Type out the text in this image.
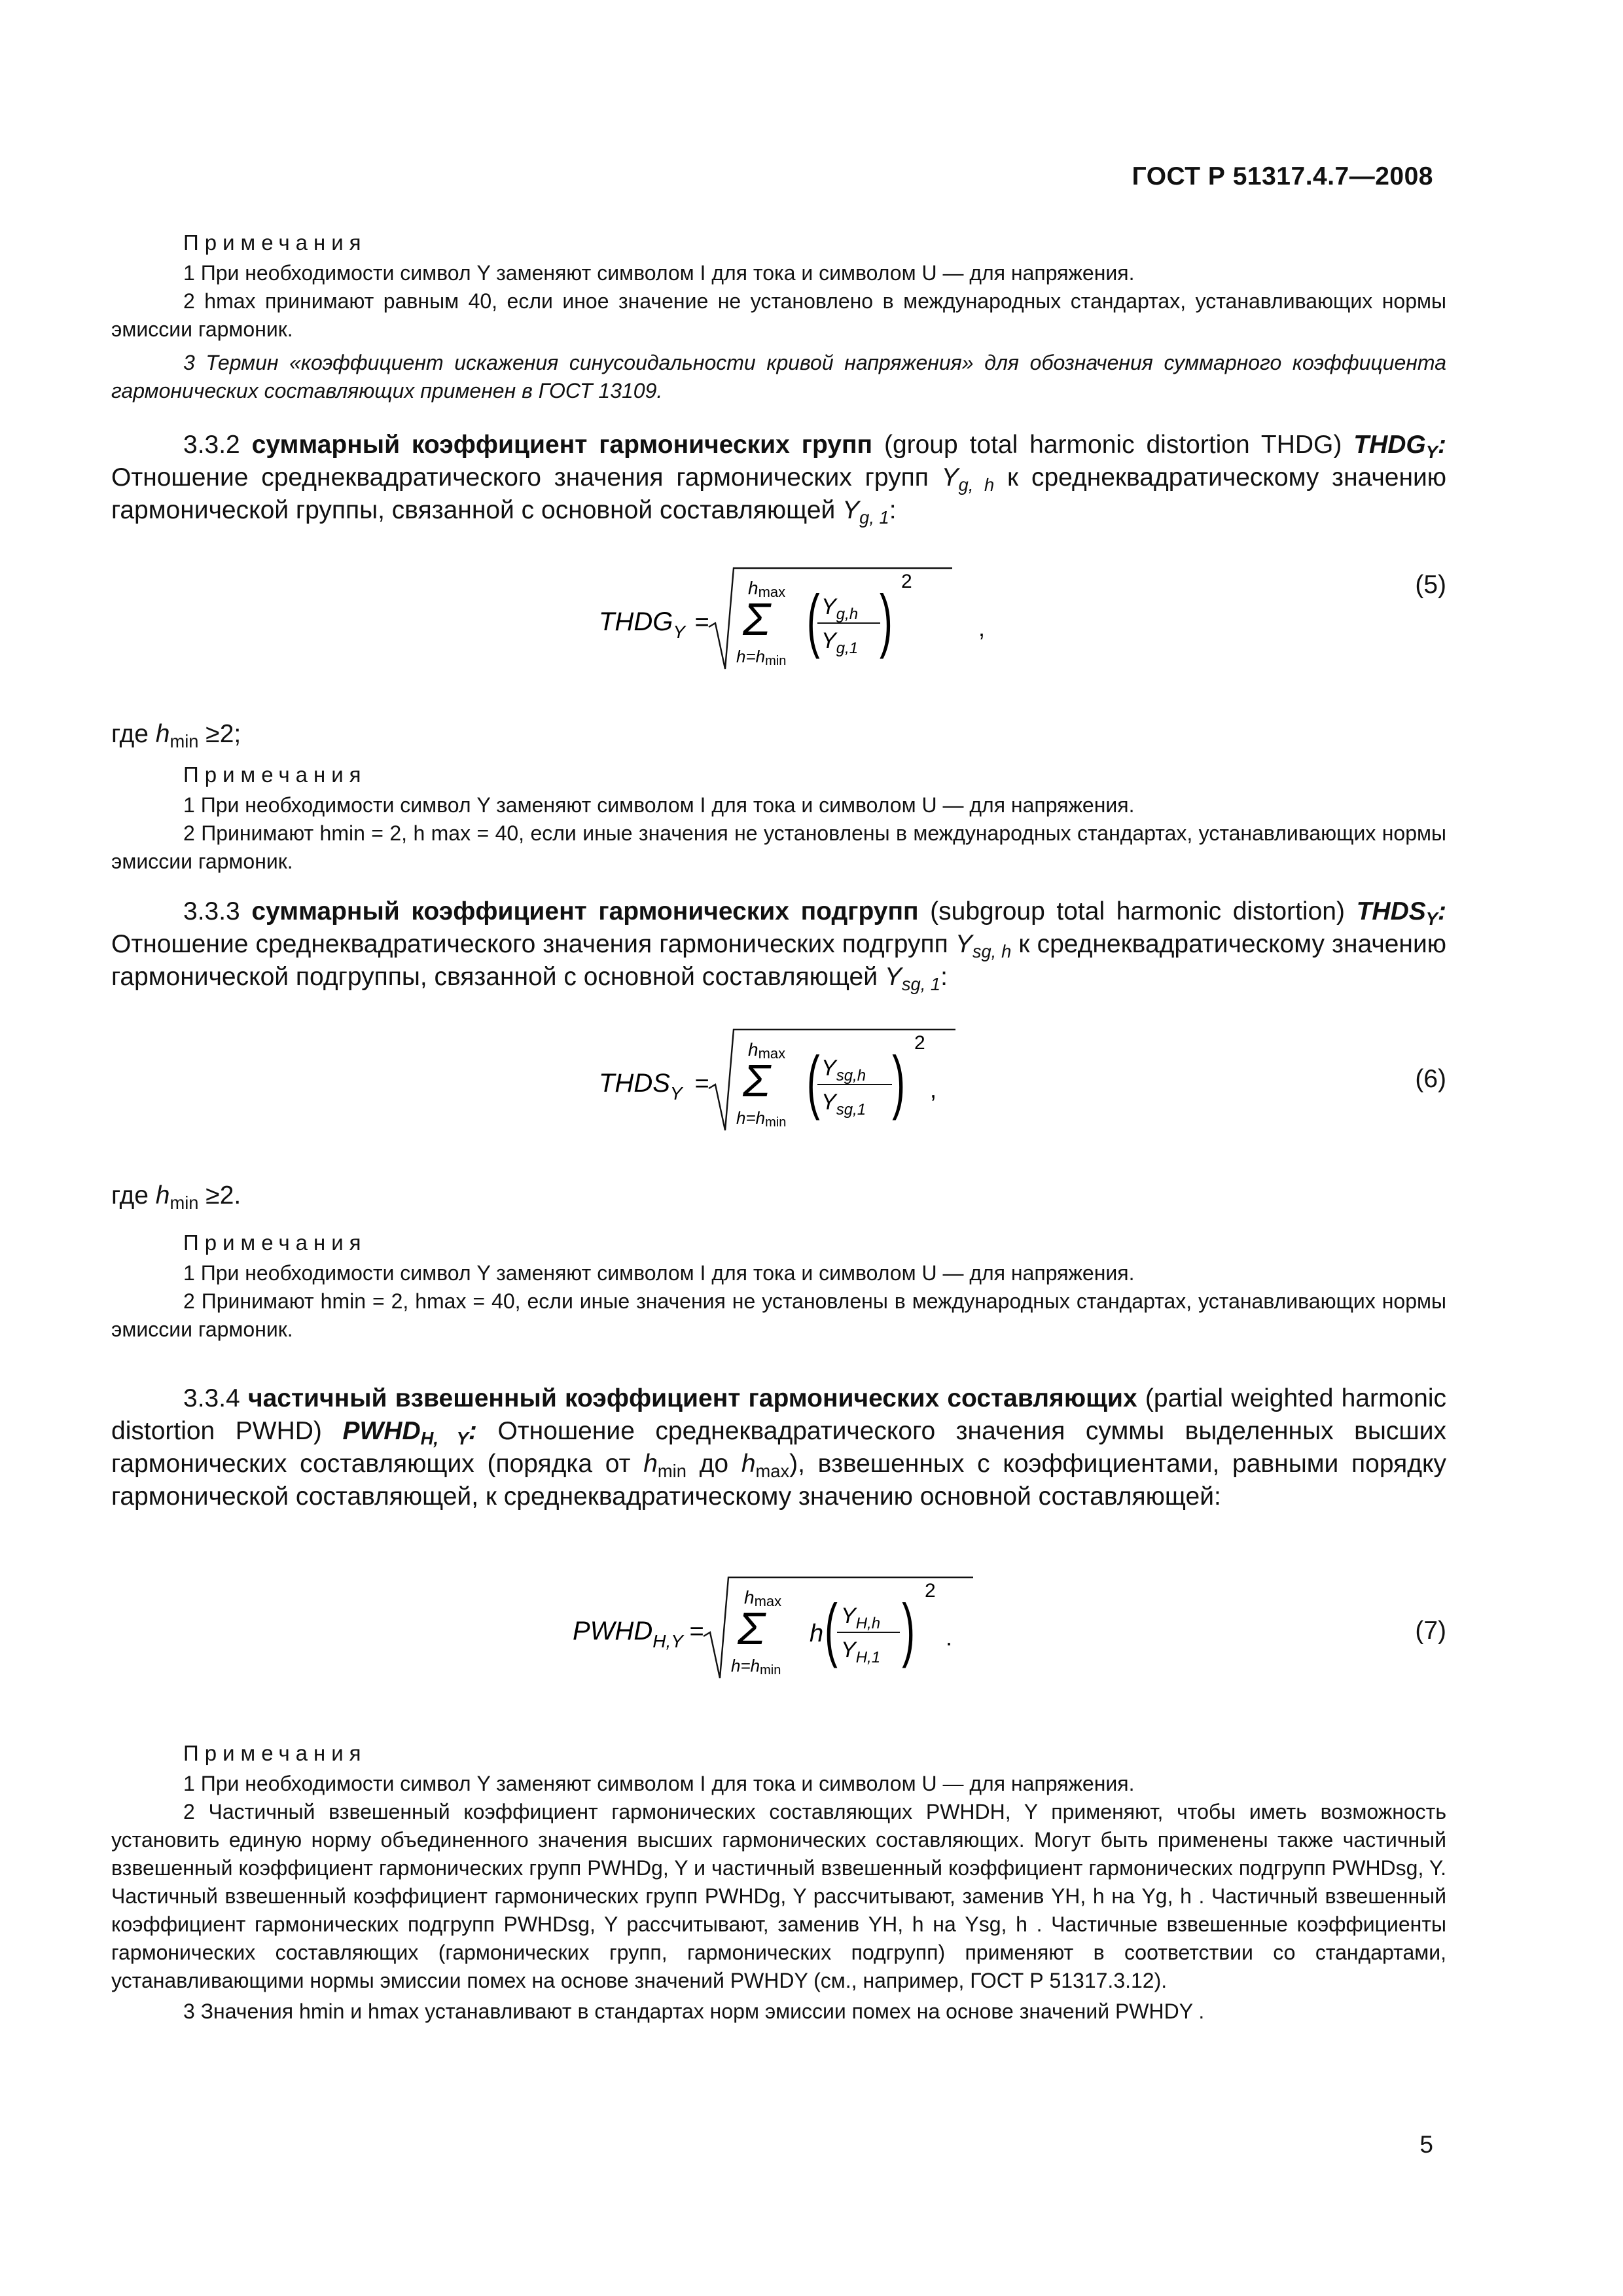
ГОСТ Р 51317.4.7—2008
Примечания
1 При необходимости символ Y заменяют символом I для тока и символом U — для напряжения.
2 hmax принимают равным 40, если иное значение не установлено в международных стандартах, устанавливающих нормы эмиссии гармоник.
3 Термин «коэффициент искажения синусоидальности кривой напряжения» для обозначения суммарного коэффициента гармонических составляющих применен в ГОСТ 13109.
3.3.2 суммарный коэффициент гармонических групп (group total harmonic distortion THDG) $THDG_Y$: Отношение среднеквадратического значения гармонических групп $Y_{g, h}$ к среднеквадратическому значению гармонической группы, связанной с основной составляющей $Y_{g, 1}$:
$THDG_Y$ =
hmax
Σ
h=hmin
( $Y_{g,h}$
$Y_{g,1}$ ) 2
,
(5)
где $h_{min} \ge 2$;
Примечания
1 При необходимости символ Y заменяют символом I для тока и символом U — для напряжения.
2 Принимают hmin = 2, h max = 40, если иные значения не установлены в международных стандартах, устанавливающих нормы эмиссии гармоник.
3.3.3 суммарный коэффициент гармонических подгрупп (subgroup total harmonic distortion) $THDS_Y$: Отношение среднеквадратического значения гармонических подгрупп $Y_{sg, h}$ к среднеквадратическому значению гармонической подгруппы, связанной с основной составляющей $Y_{sg, 1}$:
$THDS_Y$ =
hmax
Σ
h=hmin
( $Y_{sg,h}$
$Y_{sg,1}$ ) 2
,	(6)
где $h_{min} \ge 2$.
Примечания
1 При необходимости символ Y заменяют символом I для тока и символом U — для напряжения.
2 Принимают hmin = 2, hmax = 40, если иные значения не установлены в международных стандартах, устанавливающих нормы эмиссии гармоник.
3.3.4 частичный взвешенный коэффициент гармонических составляющих (partial weighted harmonic distortion PWHD) $PWHD_{H, Y}$: Отношение среднеквадратического значения суммы выделенных высших гармонических составляющих (порядка от $h_{min}$ до $h_{max}$), взвешенных с коэффициентами, равными порядку гармонической составляющей, к среднеквадратическому значению основной составляющей:
$PWHD_{H,Y}$ =
hmax
Σ
h=hmin
h ( $Y_{H,h}$
$Y_{H,1}$ ) 2
.	(7)
Примечания
1 При необходимости символ Y заменяют символом I для тока и символом U — для напряжения.
2 Частичный взвешенный коэффициент гармонических составляющих PWHDH, Y применяют, чтобы иметь возможность установить единую норму объединенного значения высших гармонических составляющих. Могут быть применены также частичный взвешенный коэффициент гармонических групп PWHDg, Y и частичный взвешенный коэффициент гармонических подгрупп PWHDsg, Y. Частичный взвешенный коэффициент гармонических групп PWHDg, Y рассчитывают, заменив YH, h на Yg, h . Частичный взвешенный коэффициент гармонических подгрупп PWHDsg, Y рассчитывают, заменив YH, h на Ysg, h . Частичные взвешенные коэффициенты гармонических составляющих (гармонических групп, гармонических подгрупп) применяют в соответствии со стандартами, устанавливающими нормы эмиссии помех на основе значений PWHDY (см., например, ГОСТ Р 51317.3.12).
3 Значения hmin и hmax устанавливают в стандартах норм эмиссии помех на основе значений PWHDY .
5
